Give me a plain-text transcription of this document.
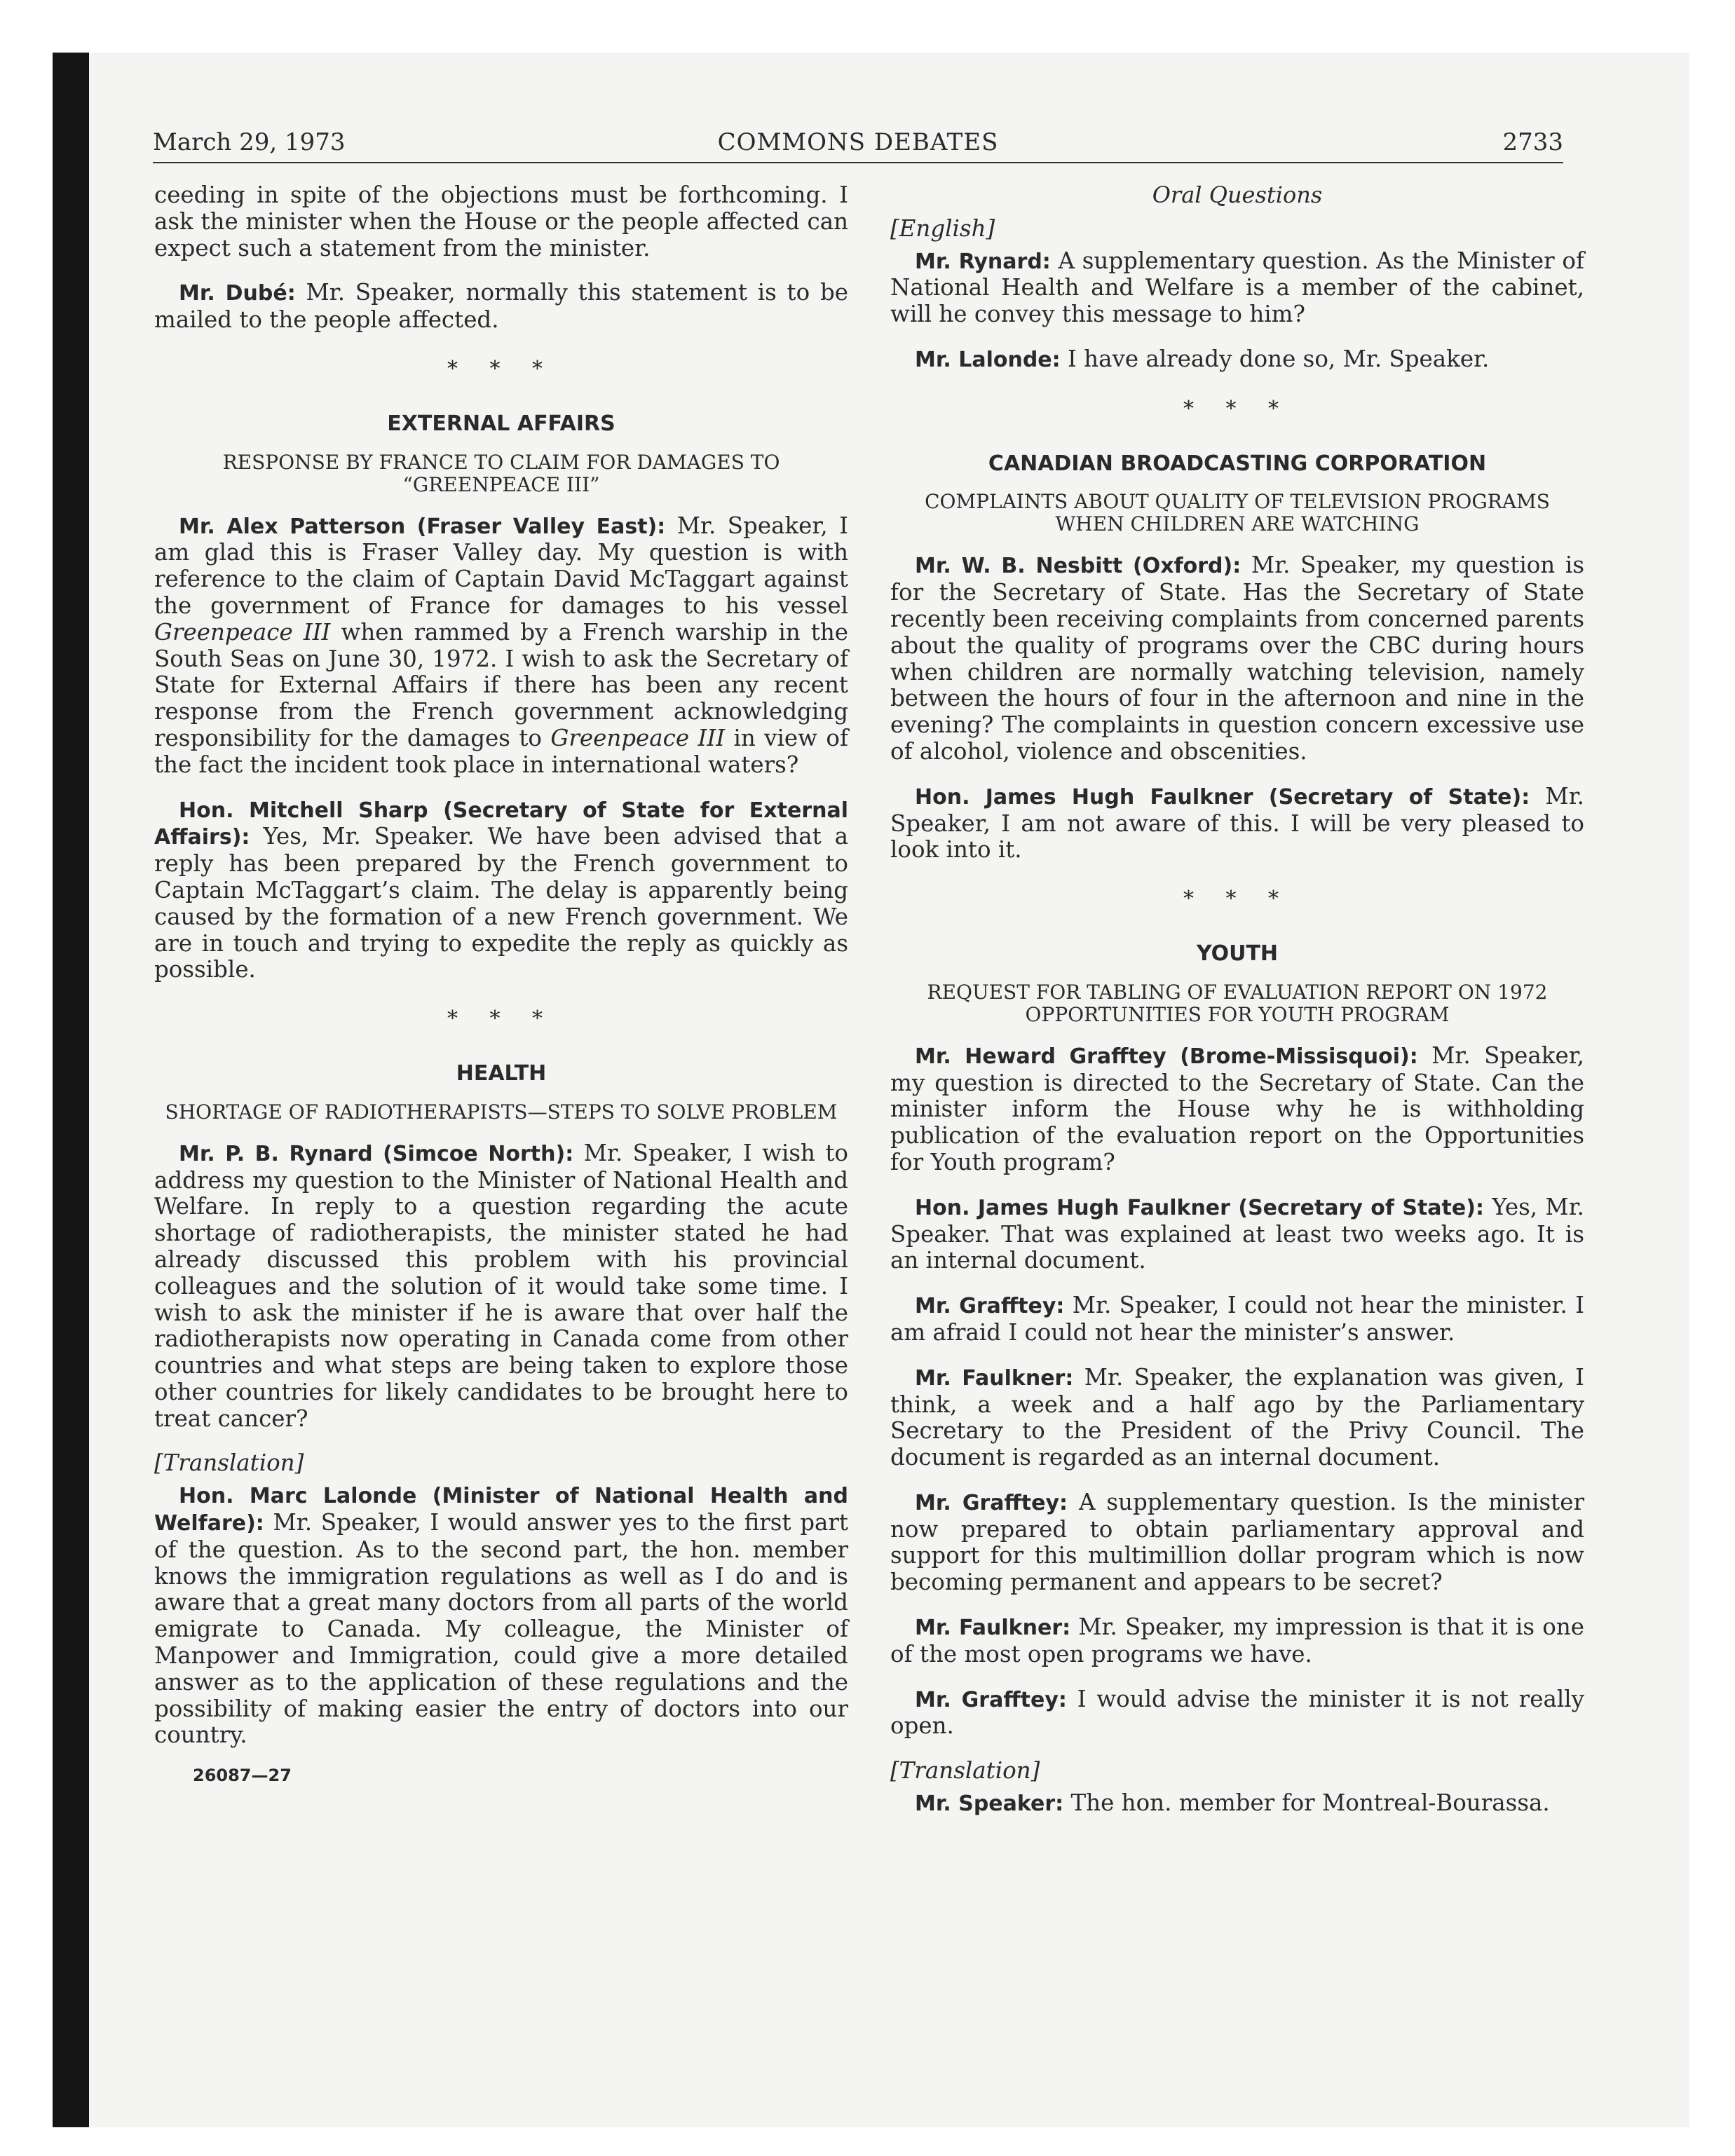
March 29, 1973	COMMONS DEBATES	2733

ceeding in spite of the objections must be forthcoming. I ask the minister when the House or the people affected can expect such a statement from the minister.

Mr. Dubé: Mr. Speaker, normally this statement is to be mailed to the people affected.

* * *
EXTERNAL AFFAIRS
RESPONSE BY FRANCE TO CLAIM FOR DAMAGES TO “GREENPEACE III”

Mr. Alex Patterson (Fraser Valley East): Mr. Speaker, I am glad this is Fraser Valley day. My question is with reference to the claim of Captain David McTaggart against the government of France for damages to his vessel Greenpeace III when rammed by a French warship in the South Seas on June 30, 1972. I wish to ask the Secretary of State for External Affairs if there has been any recent response from the French government acknowledging responsibility for the damages to Greenpeace III in view of the fact the incident took place in international waters?

Hon. Mitchell Sharp (Secretary of State for External Affairs): Yes, Mr. Speaker. We have been advised that a reply has been prepared by the French government to Captain McTaggart’s claim. The delay is apparently being caused by the formation of a new French government. We are in touch and trying to expedite the reply as quickly as possible.

* * *
HEALTH
SHORTAGE OF RADIOTHERAPISTS—STEPS TO SOLVE PROBLEM

Mr. P. B. Rynard (Simcoe North): Mr. Speaker, I wish to address my question to the Minister of National Health and Welfare. In reply to a question regarding the acute shortage of radiotherapists, the minister stated he had already discussed this problem with his provincial colleagues and the solution of it would take some time. I wish to ask the minister if he is aware that over half the radiotherapists now operating in Canada come from other countries and what steps are being taken to explore those other countries for likely candidates to be brought here to treat cancer?

[Translation]

Hon. Marc Lalonde (Minister of National Health and Welfare): Mr. Speaker, I would answer yes to the first part of the question. As to the second part, the hon. member knows the immigration regulations as well as I do and is aware that a great many doctors from all parts of the world emigrate to Canada. My colleague, the Minister of Manpower and Immigration, could give a more detailed answer as to the application of these regulations and the possibility of making easier the entry of doctors into our country.

26087—27
Oral Questions
[English]

Mr. Rynard: A supplementary question. As the Minister of National Health and Welfare is a member of the cabinet, will he convey this message to him?

Mr. Lalonde: I have already done so, Mr. Speaker.

* * *
CANADIAN BROADCASTING CORPORATION
COMPLAINTS ABOUT QUALITY OF TELEVISION PROGRAMS WHEN CHILDREN ARE WATCHING

Mr. W. B. Nesbitt (Oxford): Mr. Speaker, my question is for the Secretary of State. Has the Secretary of State recently been receiving complaints from concerned parents about the quality of programs over the CBC during hours when children are normally watching television, namely between the hours of four in the afternoon and nine in the evening? The complaints in question concern excessive use of alcohol, violence and obscenities.

Hon. James Hugh Faulkner (Secretary of State): Mr. Speaker, I am not aware of this. I will be very pleased to look into it.

* * *
YOUTH
REQUEST FOR TABLING OF EVALUATION REPORT ON 1972 OPPORTUNITIES FOR YOUTH PROGRAM

Mr. Heward Grafftey (Brome-Missisquoi): Mr. Speaker, my question is directed to the Secretary of State. Can the minister inform the House why he is withholding publication of the evaluation report on the Opportunities for Youth program?

Hon. James Hugh Faulkner (Secretary of State): Yes, Mr. Speaker. That was explained at least two weeks ago. It is an internal document.

Mr. Grafftey: Mr. Speaker, I could not hear the minister. I am afraid I could not hear the minister’s answer.

Mr. Faulkner: Mr. Speaker, the explanation was given, I think, a week and a half ago by the Parliamentary Secretary to the President of the Privy Council. The document is regarded as an internal document.

Mr. Grafftey: A supplementary question. Is the minister now prepared to obtain parliamentary approval and support for this multimillion dollar program which is now becoming permanent and appears to be secret?

Mr. Faulkner: Mr. Speaker, my impression is that it is one of the most open programs we have.

Mr. Grafftey: I would advise the minister it is not really open.

[Translation]

Mr. Speaker: The hon. member for Montreal-Bourassa.
